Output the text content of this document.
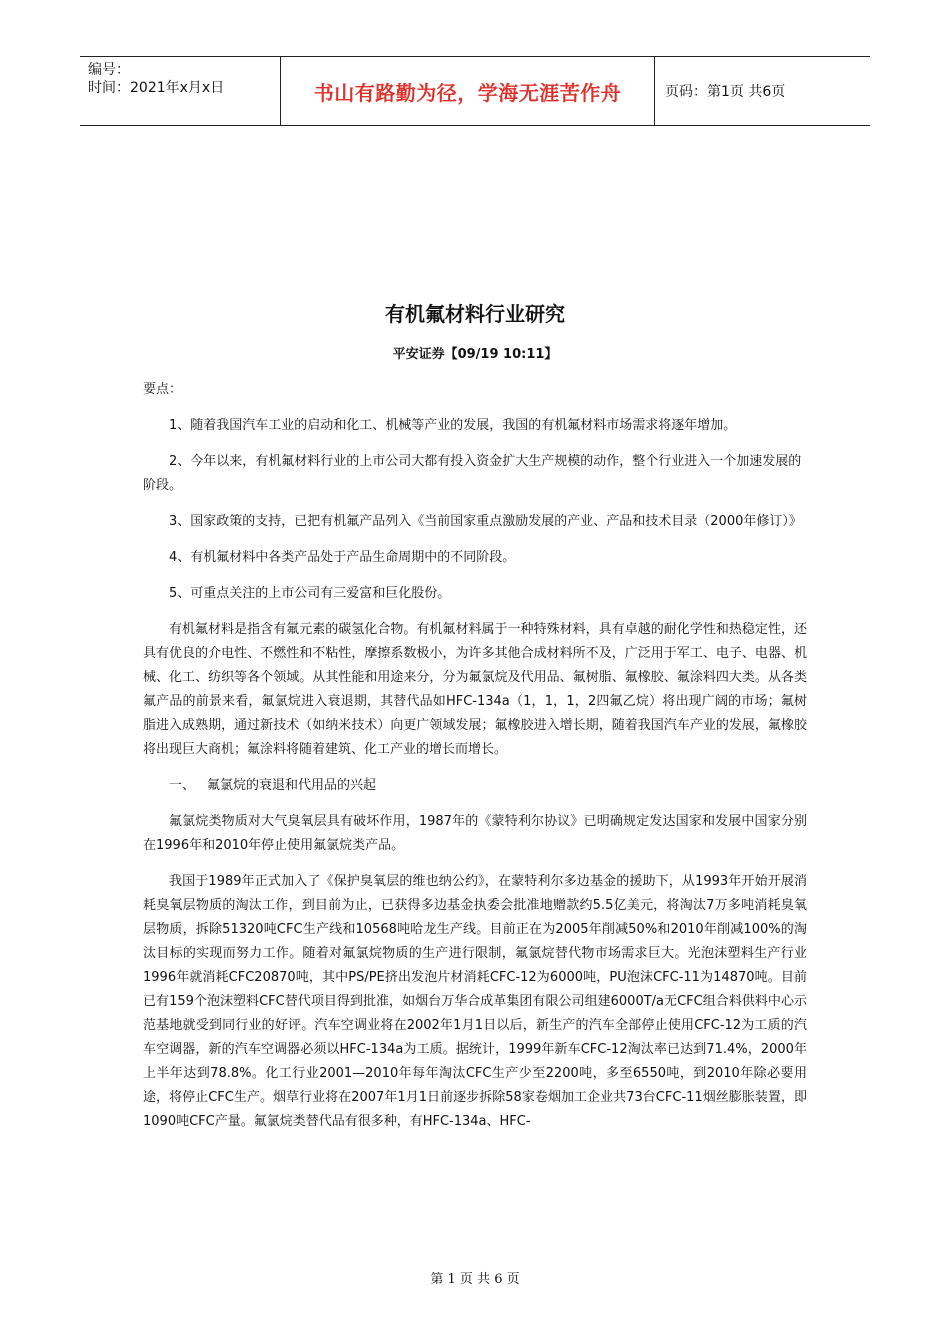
编号：
时间：2021年x月x日	书山有路勤为径，学海无涯苦作舟	页码：第1页 共6页
有机氟材料行业研究
平安证券【09/19 10:11】

要点：

1、随着我国汽车工业的启动和化工、机械等产业的发展，我国的有机氟材料市场需求将逐年增加。

2、今年以来，有机氟材料行业的上市公司大都有投入资金扩大生产规模的动作，整个行业进入一个加速发展的阶段。

3、国家政策的支持，已把有机氟产品列入《当前国家重点激励发展的产业、产品和技术目录（2000年修订）》

4、有机氟材料中各类产品处于产品生命周期中的不同阶段。

5、可重点关注的上市公司有三爱富和巨化股份。

有机氟材料是指含有氟元素的碳氢化合物。有机氟材料属于一种特殊材料，具有卓越的耐化学性和热稳定性，还具有优良的介电性、不燃性和不粘性，摩擦系数极小，为许多其他合成材料所不及，广泛用于军工、电子、电器、机械、化工、纺织等各个领域。从其性能和用途来分，分为氟氯烷及代用品、氟树脂、氟橡胶、氟涂料四大类。从各类氟产品的前景来看，氟氯烷进入衰退期，其替代品如HFC-134a（1，1，1，2四氟乙烷）将出现广阔的市场；氟树脂进入成熟期，通过新技术（如纳米技术）向更广领域发展；氟橡胶进入增长期，随着我国汽车产业的发展，氟橡胶将出现巨大商机；氟涂料将随着建筑、化工产业的增长而增长。

一、 氟氯烷的衰退和代用品的兴起

氟氯烷类物质对大气臭氧层具有破坏作用，1987年的《蒙特利尔协议》已明确规定发达国家和发展中国家分别在1996年和2010年停止使用氟氯烷类产品。

我国于1989年正式加入了《保护臭氧层的维也纳公约》，在蒙特利尔多边基金的援助下，从1993年开始开展消耗臭氧层物质的淘汰工作，到目前为止，已获得多边基金执委会批准地赠款约5.5亿美元，将淘汰7万多吨消耗臭氧层物质，拆除51320吨CFC生产线和10568吨哈龙生产线。目前正在为2005年削减50%和2010年削减100%的淘汰目标的实现而努力工作。随着对氟氯烷物质的生产进行限制，氟氯烷替代物市场需求巨大。光泡沫塑料生产行业1996年就消耗CFC20870吨，其中PS/PE挤出发泡片材消耗CFC-12为6000吨，PU泡沫CFC-11为14870吨。目前已有159个泡沫塑料CFC替代项目得到批准，如烟台万华合成革集团有限公司组建6000T/a无CFC组合料供料中心示范基地就受到同行业的好评。汽车空调业将在2002年1月1日以后，新生产的汽车全部停止使用CFC-12为工质的汽车空调器，新的汽车空调器必须以HFC-134a为工质。据统计，1999年新车CFC-12淘汰率已达到71.4%，2000年上半年达到78.8%。化工行业2001—2010年每年淘汰CFC生产少至2200吨，多至6550吨，到2010年除必要用途，将停止CFC生产。烟草行业将在2007年1月1日前逐步拆除58家卷烟加工企业共73台CFC-11烟丝膨胀装置，即1090吨CFC产量。氟氯烷类替代品有很多种，有HFC-134a、HFC-

第 1 页 共 6 页
